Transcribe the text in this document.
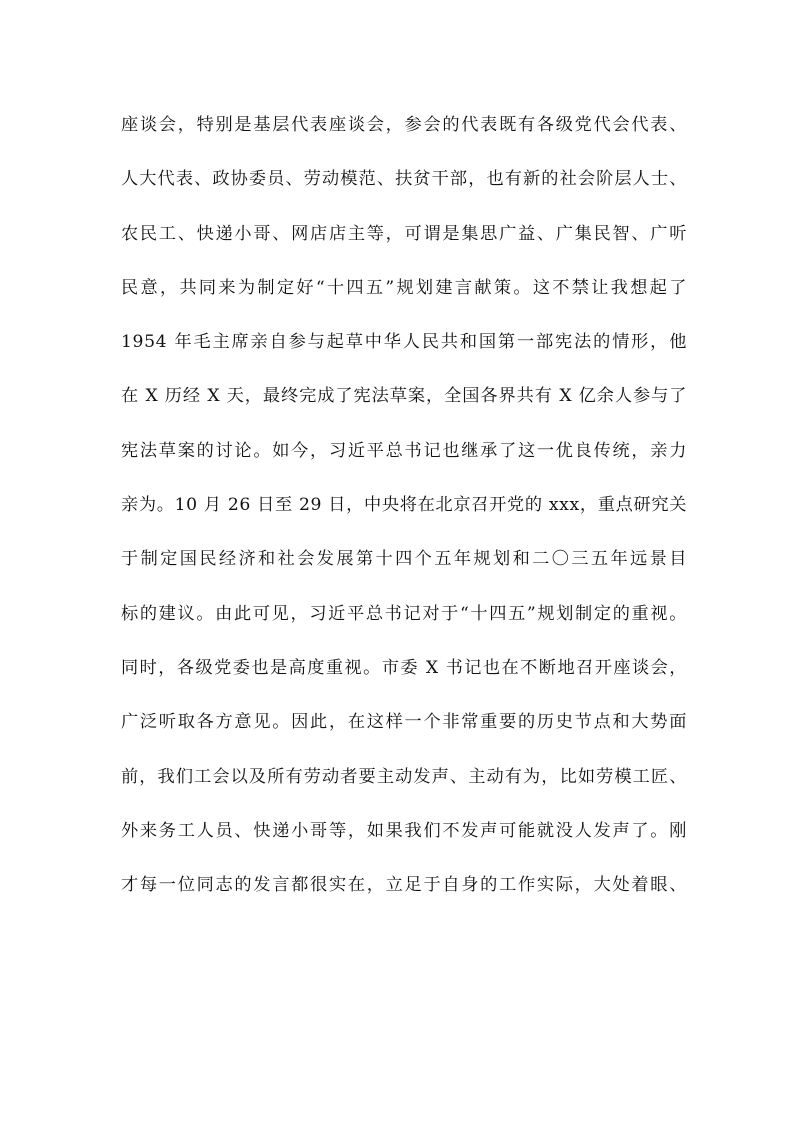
座谈会，特别是基层代表座谈会，参会的代表既有各级党代会代表、
人大代表、政协委员、劳动模范、扶贫干部，也有新的社会阶层人士、
农民工、快递小哥、网店店主等，可谓是集思广益、广集民智、广听
民意，共同来为制定好“十四五”规划建言献策。这不禁让我想起了
1954 年毛主席亲自参与起草中华人民共和国第一部宪法的情形，他
在 X 历经 X 天，最终完成了宪法草案，全国各界共有 X 亿余人参与了
宪法草案的讨论。如今，习近平总书记也继承了这一优良传统，亲力
亲为。10 月 26 日至 29 日，中央将在北京召开党的 xxx，重点研究关
于制定国民经济和社会发展第十四个五年规划和二〇三五年远景目
标的建议。由此可见，习近平总书记对于“十四五”规划制定的重视。
同时，各级党委也是高度重视。市委 X 书记也在不断地召开座谈会，
广泛听取各方意见。因此，在这样一个非常重要的历史节点和大势面
前，我们工会以及所有劳动者要主动发声、主动有为，比如劳模工匠、
外来务工人员、快递小哥等，如果我们不发声可能就没人发声了。刚
才每一位同志的发言都很实在，立足于自身的工作实际，大处着眼、
